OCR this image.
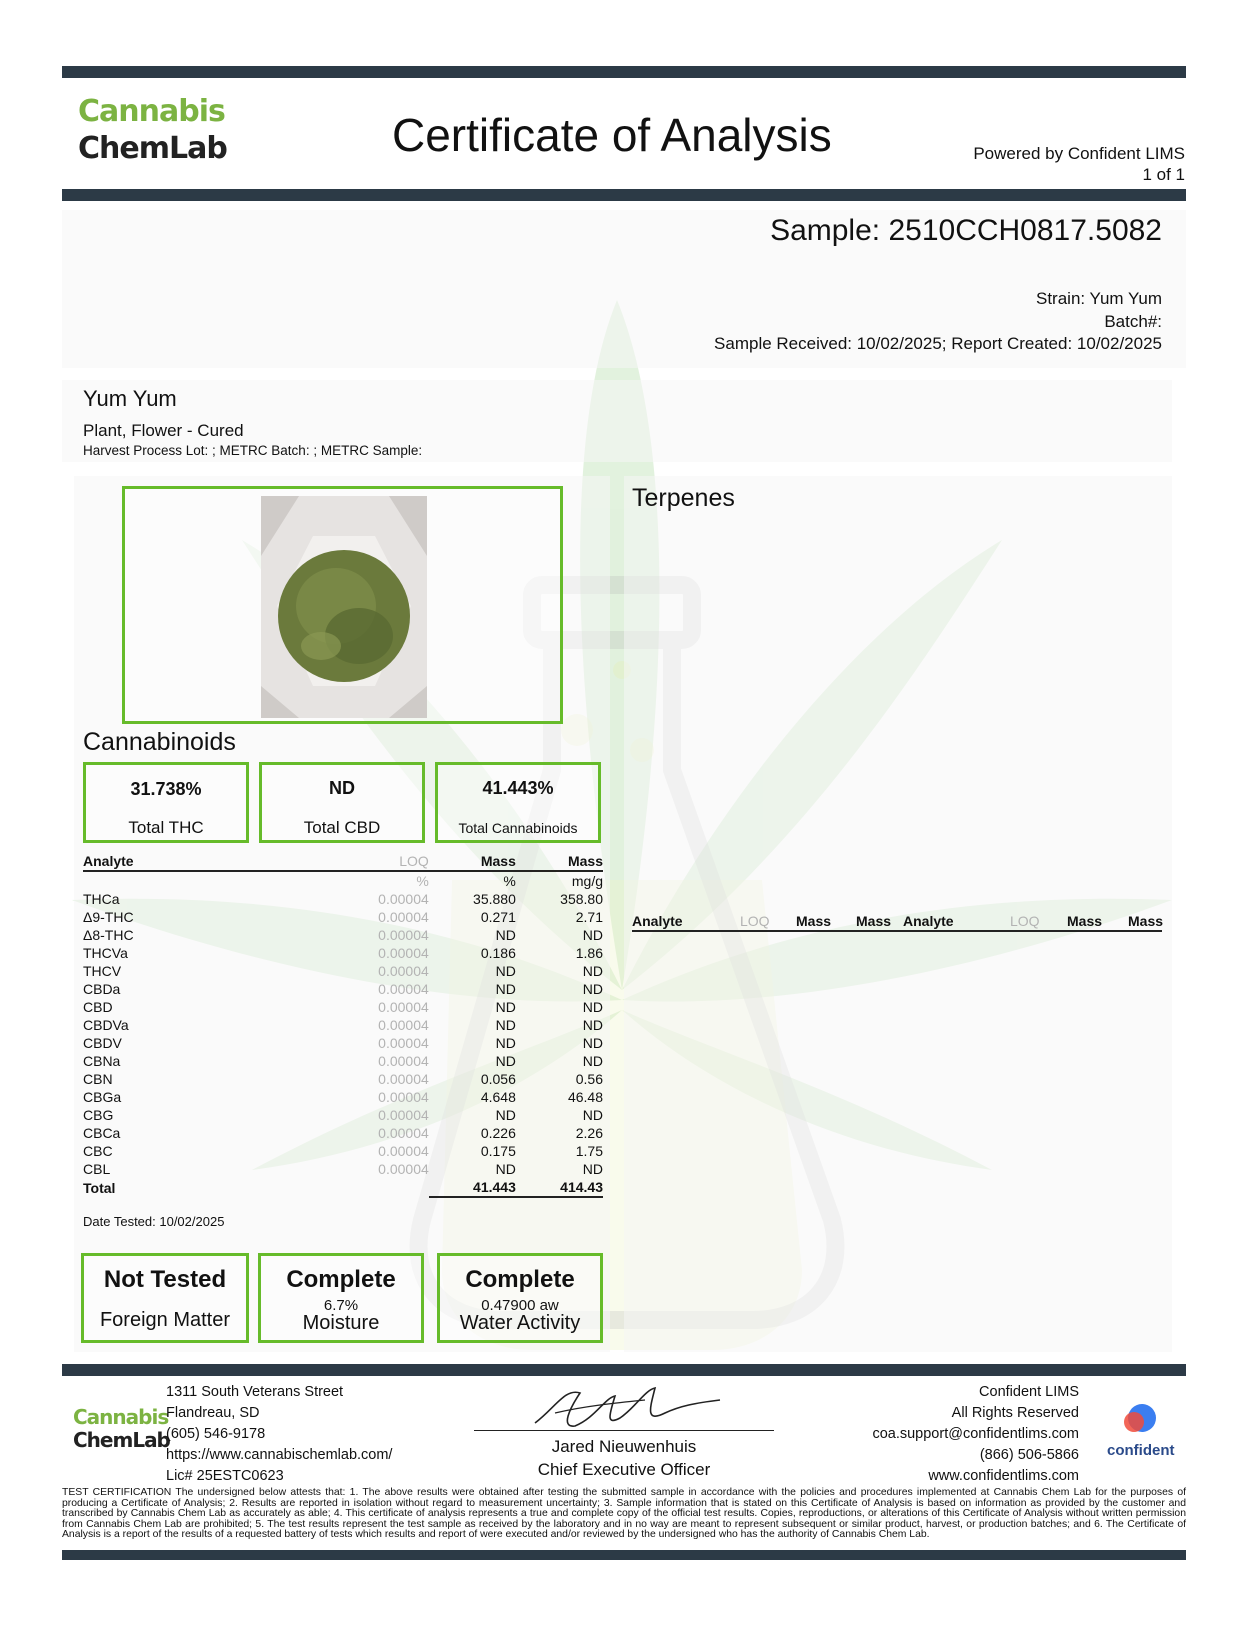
Cannabis
ChemLab	Certificate of Analysis	Powered by Confident LIMS
1 of 1
Sample: 2510CCH0817.5082
Strain: Yum Yum
Batch#:
Sample Received: 10/02/2025; Report Created: 10/02/2025
Yum Yum
Plant, Flower - Cured
Harvest Process Lot: ; METRC Batch: ; METRC Sample:
Cannabinoids
31.738%
Total THC
ND
Total CBD
41.443%
Total Cannabinoids
Analyte	LOQ	Mass	Mass
	%	%	mg/g
THCa	0.00004	35.880	358.80
Δ9-THC	0.00004	0.271	2.71
Δ8-THC	0.00004	ND	ND
THCVa	0.00004	0.186	1.86
THCV	0.00004	ND	ND
CBDa	0.00004	ND	ND
CBD	0.00004	ND	ND
CBDVa	0.00004	ND	ND
CBDV	0.00004	ND	ND
CBNa	0.00004	ND	ND
CBN	0.00004	0.056	0.56
CBGa	0.00004	4.648	46.48
CBG	0.00004	ND	ND
CBCa	0.00004	0.226	2.26
CBC	0.00004	0.175	1.75
CBL	0.00004	ND	ND
Total		41.443	414.43
Date Tested: 10/02/2025
Not Tested
Foreign Matter
Complete
6.7%
Moisture
Complete
0.47900 aw
Water Activity
Terpenes
Analyte	LOQ Mass Mass Analyte	LOQ Mass Mass
Cannabis
ChemLab
1311 South Veterans Street
Flandreau, SD
(605) 546-9178
https://www.cannabischemlab.com/
Lic# 25ESTC0623
Jared Nieuwenhuis
Chief Executive Officer
Confident LIMS
All Rights Reserved
coa.support@confidentlims.com
(866) 506-5866
www.confidentlims.com
confident
TEST CERTIFICATION The undersigned below attests that: 1. The above results were obtained after testing the submitted sample in accordance with the policies and procedures implemented at Cannabis Chem Lab for the purposes of producing a Certificate of Analysis; 2. Results are reported in isolation without regard to measurement uncertainty; 3. Sample information that is stated on this Certificate of Analysis is based on information as provided by the customer and transcribed by Cannabis Chem Lab as accurately as able; 4. This certificate of analysis represents a true and complete copy of the official test results. Copies, reproductions, or alterations of this Certificate of Analysis without written permission from Cannabis Chem Lab are prohibited; 5. The test results represent the test sample as received by the laboratory and in no way are meant to represent subsequent or similar product, harvest, or production batches; and 6. The Certificate of Analysis is a report of the results of a requested battery of tests which results and report of were executed and/or reviewed by the undersigned who has the authority of Cannabis Chem Lab.
